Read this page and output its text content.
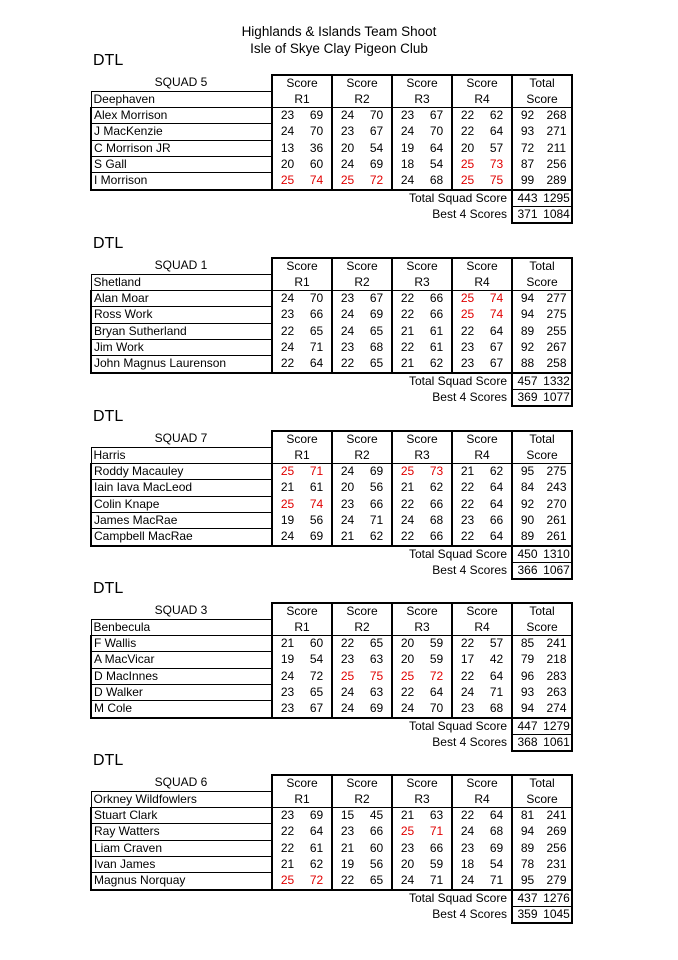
Highlands & Islands Team Shoot
Isle of Skye Clay Pigeon Club
DTL
SQUAD 5	Score		Score		Score		Score		Total	
Deephaven	R1		R2		R3		R4		Score	
Alex Morrison	23	69	24	70	23	67	22	62	92	268
J MacKenzie	24	70	23	67	24	70	22	64	93	271
C Morrison JR	13	36	20	54	19	64	20	57	72	211
S Gall	20	60	24	69	18	54	25	73	87	256
I Morrison	25	74	25	72	24	68	25	75	99	289
Total Squad Score									443	1295
Best 4 Scores									371	1084
DTL
SQUAD 1	Score		Score		Score		Score		Total	
Shetland	R1		R2		R3		R4		Score	
Alan Moar	24	70	23	67	22	66	25	74	94	277
Ross Work	23	66	24	69	22	66	25	74	94	275
Bryan Sutherland	22	65	24	65	21	61	22	64	89	255
Jim Work	24	71	23	68	22	61	23	67	92	267
John Magnus Laurenson	22	64	22	65	21	62	23	67	88	258
Total Squad Score									457	1332
Best 4 Scores									369	1077
DTL
SQUAD 7	Score		Score		Score		Score		Total	
Harris	R1		R2		R3		R4		Score	
Roddy Macauley	25	71	24	69	25	73	21	62	95	275
Iain Iava MacLeod	21	61	20	56	21	62	22	64	84	243
Colin Knape	25	74	23	66	22	66	22	64	92	270
James MacRae	19	56	24	71	24	68	23	66	90	261
Campbell MacRae	24	69	21	62	22	66	22	64	89	261
Total Squad Score									450	1310
Best 4 Scores									366	1067
DTL
SQUAD 3	Score		Score		Score		Score		Total	
Benbecula	R1		R2		R3		R4		Score	
F Wallis	21	60	22	65	20	59	22	57	85	241
A MacVicar	19	54	23	63	20	59	17	42	79	218
D MacInnes	24	72	25	75	25	72	22	64	96	283
D Walker	23	65	24	63	22	64	24	71	93	263
M Cole	23	67	24	69	24	70	23	68	94	274
Total Squad Score									447	1279
Best 4 Scores									368	1061
DTL
SQUAD 6	Score		Score		Score		Score		Total	
Orkney Wildfowlers	R1		R2		R3		R4		Score	
Stuart Clark	23	69	15	45	21	63	22	64	81	241
Ray Watters	22	64	23	66	25	71	24	68	94	269
Liam Craven	22	61	21	60	23	66	23	69	89	256
Ivan James	21	62	19	56	20	59	18	54	78	231
Magnus Norquay	25	72	22	65	24	71	24	71	95	279
Total Squad Score									437	1276
Best 4 Scores									359	1045
